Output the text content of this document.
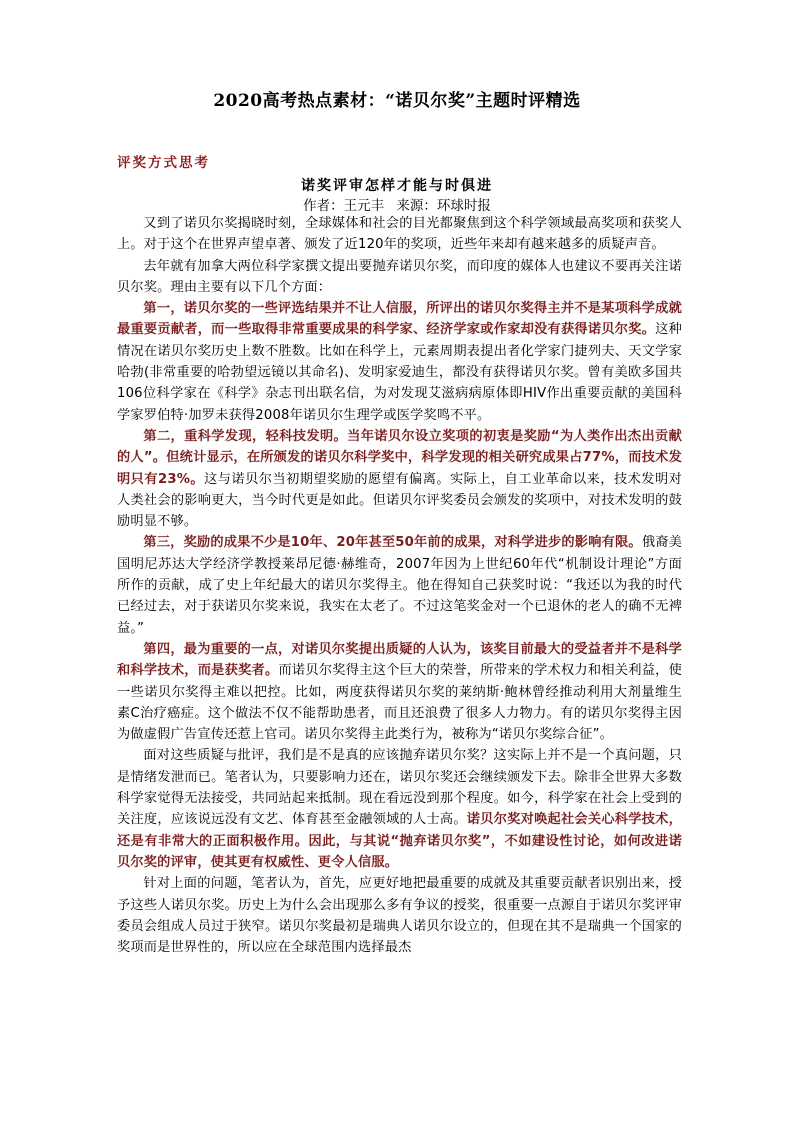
2020高考热点素材：“诺贝尔奖”主题时评精选
评奖方式思考
诺奖评审怎样才能与时俱进
作者：王元丰 来源：环球时报

又到了诺贝尔奖揭晓时刻，全球媒体和社会的目光都聚焦到这个科学领域最高奖项和获奖人上。对于这个在世界声望卓著、颁发了近120年的奖项，近些年来却有越来越多的质疑声音。

去年就有加拿大两位科学家撰文提出要抛弃诺贝尔奖，而印度的媒体人也建议不要再关注诺贝尔奖。理由主要有以下几个方面：

第一，诺贝尔奖的一些评选结果并不让人信服，所评出的诺贝尔奖得主并不是某项科学成就最重要贡献者，而一些取得非常重要成果的科学家、经济学家或作家却没有获得诺贝尔奖。这种情况在诺贝尔奖历史上数不胜数。比如在科学上，元素周期表提出者化学家门捷列夫、天文学家哈勃(非常重要的哈勃望远镜以其命名)、发明家爱迪生，都没有获得诺贝尔奖。曾有美欧多国共106位科学家在《科学》杂志刊出联名信，为对发现艾滋病病原体即HIV作出重要贡献的美国科学家罗伯特·加罗未获得2008年诺贝尔生理学或医学奖鸣不平。

第二，重科学发现，轻科技发明。当年诺贝尔设立奖项的初衷是奖励“为人类作出杰出贡献的人”。但统计显示，在所颁发的诺贝尔科学奖中，科学发现的相关研究成果占77%，而技术发明只有23%。这与诺贝尔当初期望奖励的愿望有偏离。实际上，自工业革命以来，技术发明对人类社会的影响更大，当今时代更是如此。但诺贝尔评奖委员会颁发的奖项中，对技术发明的鼓励明显不够。

第三，奖励的成果不少是10年、20年甚至50年前的成果，对科学进步的影响有限。俄裔美国明尼苏达大学经济学教授莱昂尼德·赫维奇，2007年因为上世纪60年代“机制设计理论”方面所作的贡献，成了史上年纪最大的诺贝尔奖得主。他在得知自己获奖时说：“我还以为我的时代已经过去，对于获诺贝尔奖来说，我实在太老了。不过这笔奖金对一个已退休的老人的确不无裨益。”

第四，最为重要的一点，对诺贝尔奖提出质疑的人认为，该奖目前最大的受益者并不是科学和科学技术，而是获奖者。而诺贝尔奖得主这个巨大的荣誉，所带来的学术权力和相关利益，使一些诺贝尔奖得主难以把控。比如，两度获得诺贝尔奖的莱纳斯·鲍林曾经推动利用大剂量维生素C治疗癌症。这个做法不仅不能帮助患者，而且还浪费了很多人力物力。有的诺贝尔奖得主因为做虚假广告宣传还惹上官司。诺贝尔奖得主此类行为，被称为“诺贝尔奖综合征”。

面对这些质疑与批评，我们是不是真的应该抛弃诺贝尔奖？这实际上并不是一个真问题，只是情绪发泄而已。笔者认为，只要影响力还在，诺贝尔奖还会继续颁发下去。除非全世界大多数科学家觉得无法接受，共同站起来抵制。现在看远没到那个程度。如今，科学家在社会上受到的关注度，应该说远没有文艺、体育甚至金融领域的人士高。诺贝尔奖对唤起社会关心科学技术，还是有非常大的正面积极作用。因此，与其说“抛弃诺贝尔奖”，不如建设性讨论，如何改进诺贝尔奖的评审，使其更有权威性、更令人信服。

针对上面的问题，笔者认为，首先，应更好地把最重要的成就及其重要贡献者识别出来，授予这些人诺贝尔奖。历史上为什么会出现那么多有争议的授奖，很重要一点源自于诺贝尔奖评审委员会组成人员过于狭窄。诺贝尔奖最初是瑞典人诺贝尔设立的，但现在其不是瑞典一个国家的奖项而是世界性的，所以应在全球范围内选择最杰
